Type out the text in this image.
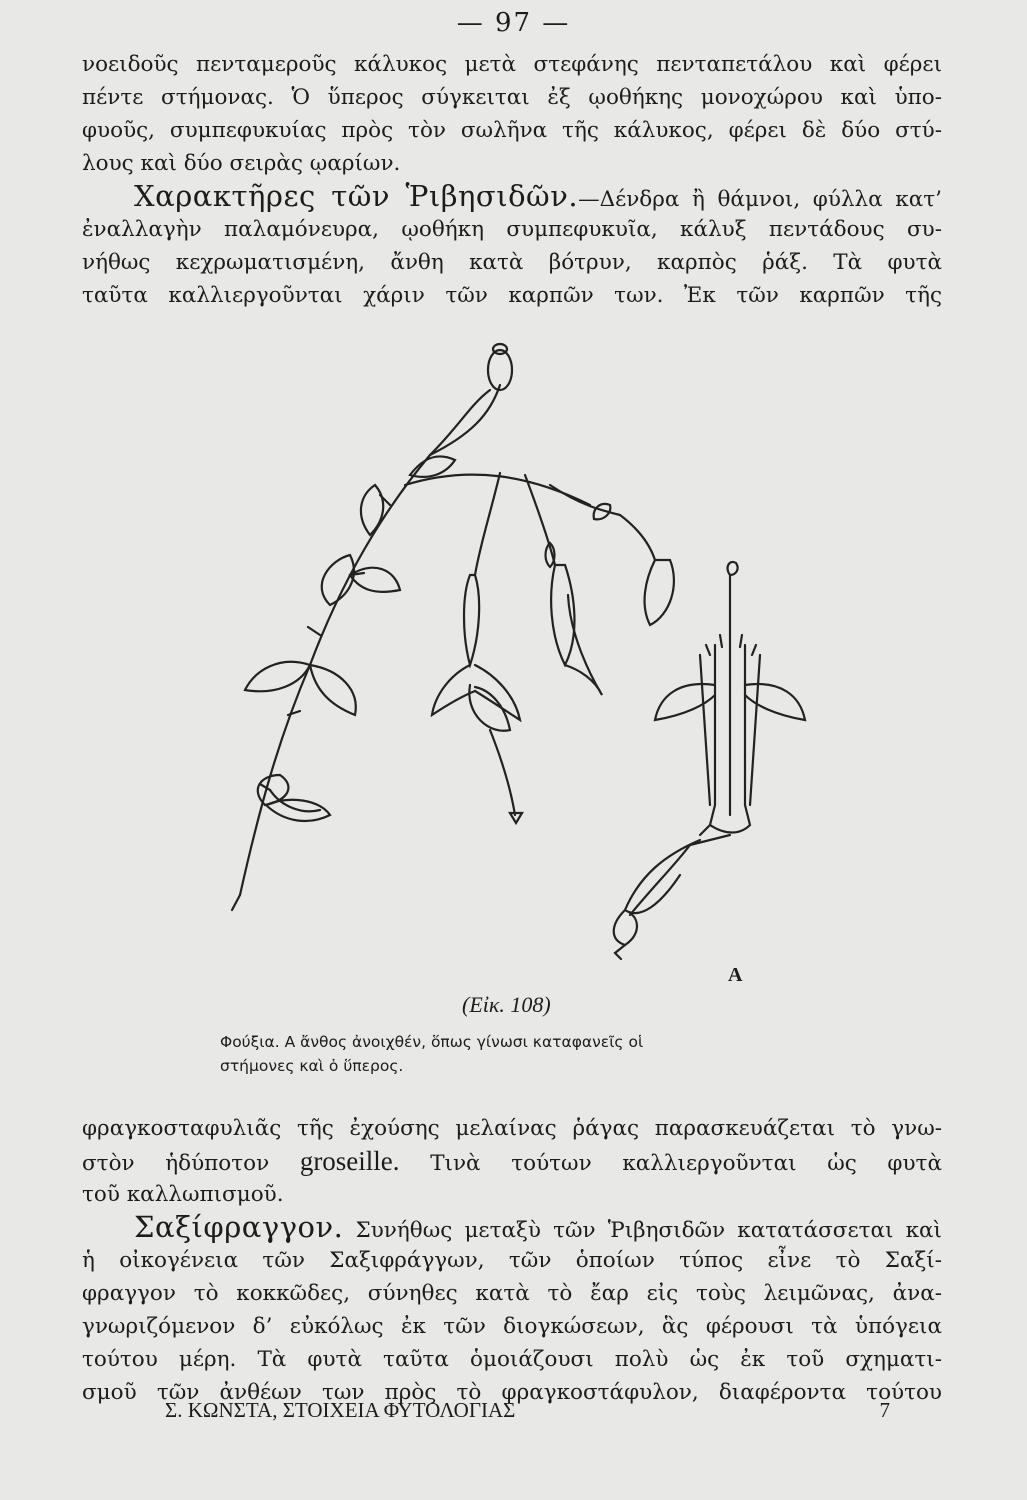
— 97 —
νοειδοῦς πενταμεροῦς κάλυκος μετὰ στεφάνης πενταπετάλου καὶ φέρει
πέντε στήμονας. Ὁ ὕπερος σύγκειται ἐξ ῳοθήκης μονοχώρου καὶ ὑπο-
φυοῦς, συμπεφυκυίας πρὸς τὸν σωλῆνα τῆς κάλυκος, φέρει δὲ δύο στύ-
λους καὶ δύο σειρὰς ῳαρίων.
Χαρακτῆρες τῶν Ῥιβησιδῶν.—Δένδρα ἢ θάμνοι, φύλλα κατ’
ἐναλλαγὴν παλαμόνευρα, ῳοθήκη συμπεφυκυῖα, κάλυξ πεντάδους συ-
νήθως κεχρωματισμένη, ἄνθη κατὰ βότρυν, καρπὸς ῥάξ. Τὰ φυτὰ
ταῦτα καλλιεργοῦνται χάριν τῶν καρπῶν των. Ἐκ τῶν καρπῶν τῆς
Α
(Εἰκ. 108)
Φούξια. Α ἄνθος ἀνοιχθέν, ὅπως γίνωσι καταφανεῖς οἱ
στήμονες καὶ ὁ ὕπερος.
φραγκοσταφυλιᾶς τῆς ἐχούσης μελαίνας ῥάγας παρασκευάζεται τὸ γνω-
στὸν ἡδύποτον groseille. Τινὰ τούτων καλλιεργοῦνται ὡς φυτὰ
τοῦ καλλωπισμοῦ.
Σαξίφραγγον. Συνήθως μεταξὺ τῶν Ῥιβησιδῶν κατατάσσεται καὶ
ἡ οἰκογένεια τῶν Σαξιφράγγων, τῶν ὁποίων τύπος εἶνε τὸ Σαξί-
φραγγον τὸ κοκκῶδες, σύνηθες κατὰ τὸ ἔαρ εἰς τοὺς λειμῶνας, ἀνα-
γνωριζόμενον δ’ εὐκόλως ἐκ τῶν διογκώσεων, ἃς φέρουσι τὰ ὑπόγεια
τούτου μέρη. Τὰ φυτὰ ταῦτα ὁμοιάζουσι πολὺ ὡς ἐκ τοῦ σχηματι-
σμοῦ τῶν ἀνθέων των πρὸς τὸ φραγκοστάφυλον, διαφέροντα τούτου
Σ. ΚΩΝΣΤΑ, ΣΤΟΙΧΕΙΑ ΦΥΤΟΛΟΓΙΑΣ	7
